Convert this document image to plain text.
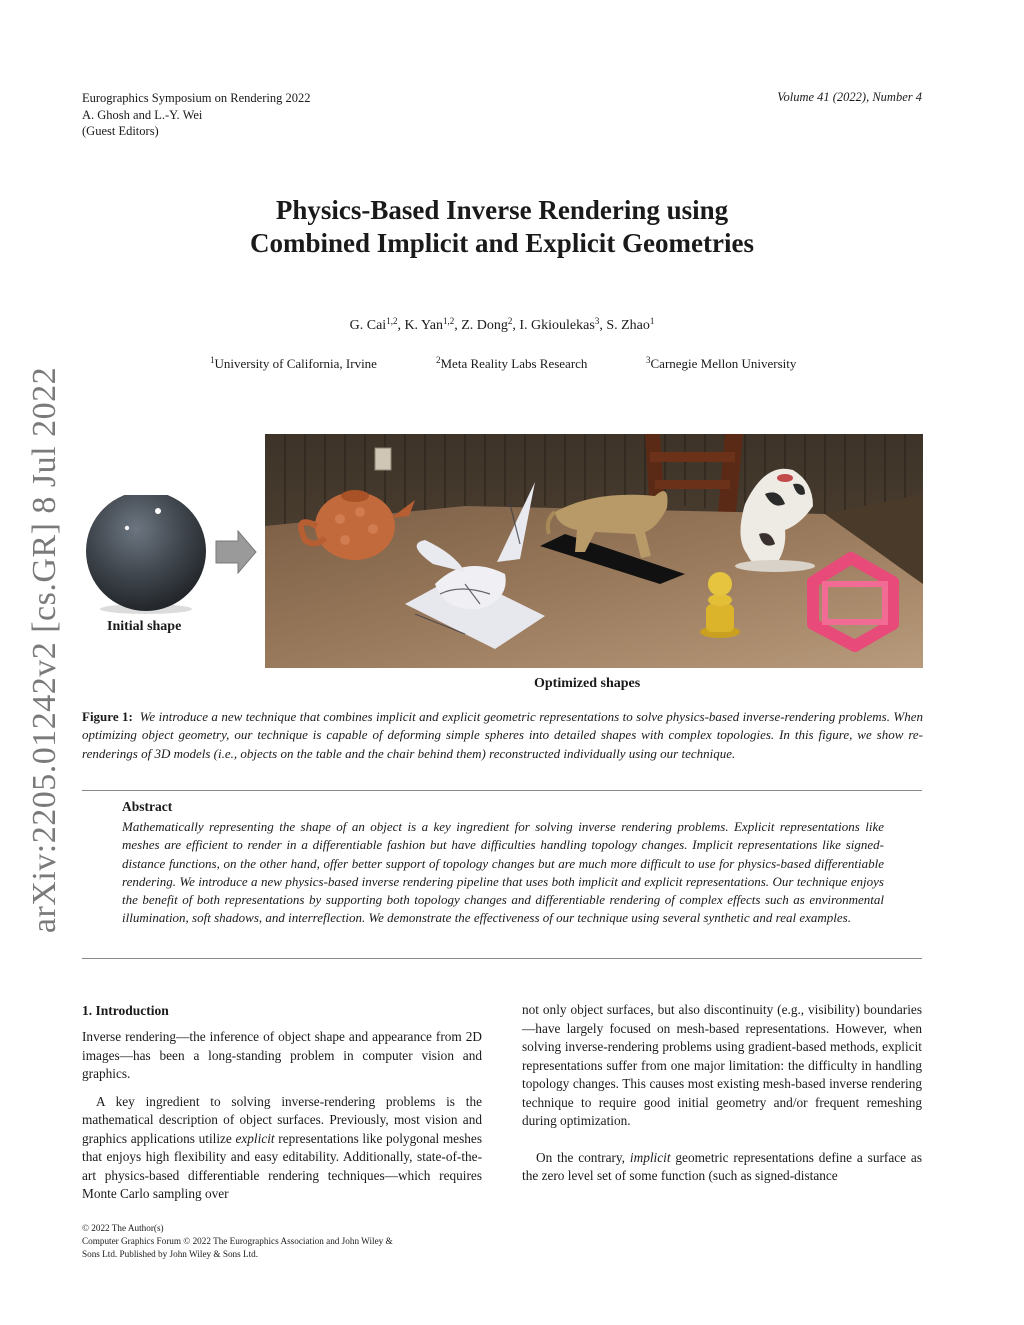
Eurographics Symposium on Rendering 2022
A. Ghosh and L.-Y. Wei
(Guest Editors)
Volume 41 (2022), Number 4
arXiv:2205.01242v2 [cs.GR] 8 Jul 2022
Physics-Based Inverse Rendering using
Combined Implicit and Explicit Geometries
G. Cai$^{1,2}$, K. Yan$^{1,2}$, Z. Dong$^2$, I. Gkioulekas$^3$, S. Zhao$^1$
$^1$University of California, Irvine	$^2$Meta Reality Labs Research	$^3$Carnegie Mellon University
Initial shape
Optimized shapes
Figure 1: We introduce a new technique that combines implicit and explicit geometric representations to solve physics-based inverse-rendering problems. When optimizing object geometry, our technique is capable of deforming simple spheres into detailed shapes with complex topologies. In this figure, we show re-renderings of 3D models (i.e., objects on the table and the chair behind them) reconstructed individually using our technique.
Abstract
Mathematically representing the shape of an object is a key ingredient for solving inverse rendering problems. Explicit representations like meshes are efficient to render in a differentiable fashion but have difficulties handling topology changes. Implicit representations like signed-distance functions, on the other hand, offer better support of topology changes but are much more difficult to use for physics-based differentiable rendering. We introduce a new physics-based inverse rendering pipeline that uses both implicit and explicit representations. Our technique enjoys the benefit of both representations by supporting both topology changes and differentiable rendering of complex effects such as environmental illumination, soft shadows, and interreflection. We demonstrate the effectiveness of our technique using several synthetic and real examples.
1. Introduction

Inverse rendering—the inference of object shape and appearance from 2D images—has been a long-standing problem in computer vision and graphics.

A key ingredient to solving inverse-rendering problems is the mathematical description of object surfaces. Previously, most vision and graphics applications utilize explicit representations like polygonal meshes that enjoys high flexibility and easy editability. Additionally, state-of-the-art physics-based differentiable rendering techniques—which requires Monte Carlo sampling over

not only object surfaces, but also discontinuity (e.g., visibility) boundaries—have largely focused on mesh-based representations. However, when solving inverse-rendering problems using gradient-based methods, explicit representations suffer from one major limitation: the difficulty in handling topology changes. This causes most existing mesh-based inverse rendering technique to require good initial geometry and/or frequent remeshing during optimization.

On the contrary, implicit geometric representations define a surface as the zero level set of some function (such as signed-distance

© 2022 The Author(s)
Computer Graphics Forum © 2022 The Eurographics Association and John Wiley & Sons Ltd. Published by John Wiley & Sons Ltd.
